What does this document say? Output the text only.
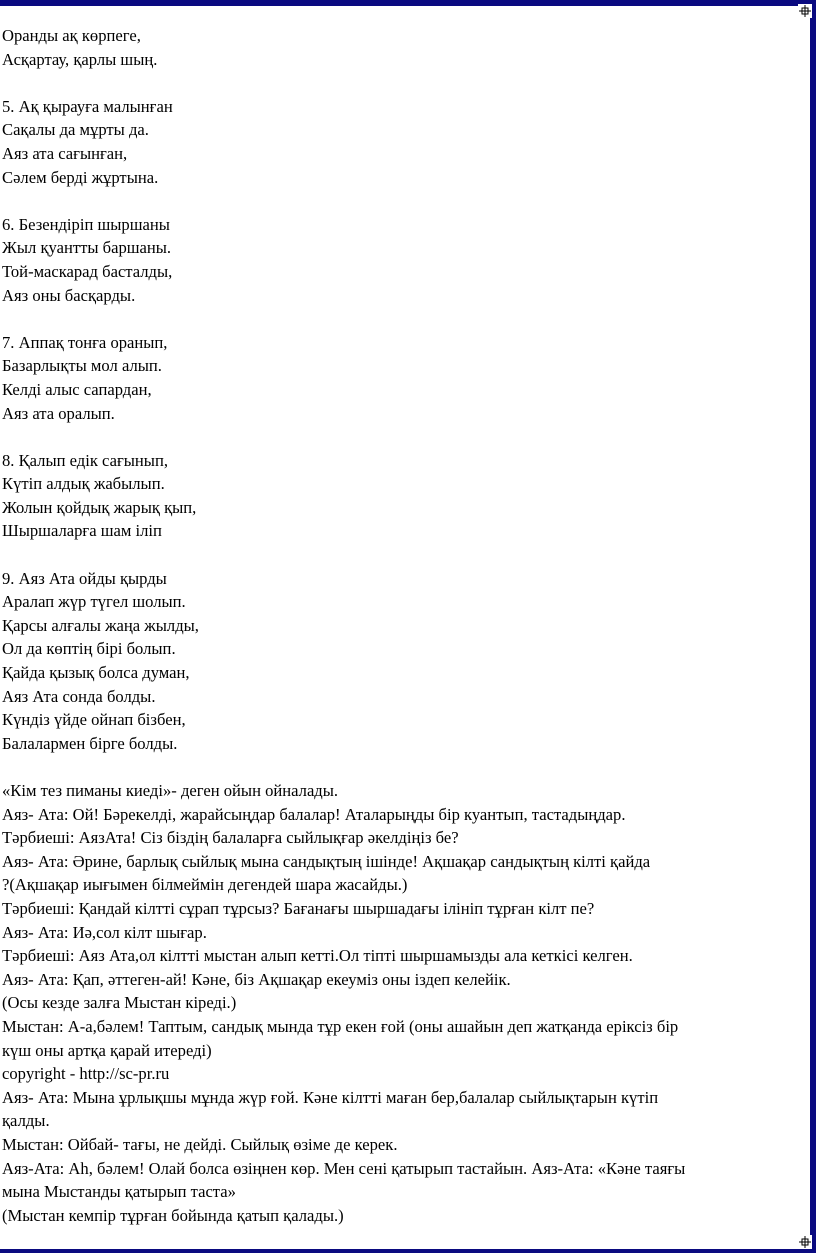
Оранды ақ көрпеге,
Асқартау, қарлы шың.
5. Ақ қырауға малынған
Сақалы да мұрты да.
Аяз ата сағынған,
Сәлем берді жұртына.
6. Безендіріп шыршаны
Жыл қуантты баршаны.
Той-маскарад басталды,
Аяз оны басқарды.
7. Аппақ тонға оранып,
Базарлықты мол алып.
Келді алыс сапардан,
Аяз ата оралып.
8. Қалып едік сағынып,
Күтіп алдық жабылып.
Жолын қойдық жарық қып,
Шыршаларға шам іліп
9. Аяз Ата ойды қырды
Аралап жүр түгел шолып.
Қарсы алғалы жаңа жылды,
Ол да көптің бірі болып.
Қайда қызық болса думан,
Аяз Ата сонда болды.
Күндіз үйде ойнап бізбен,
Балалармен бірге болды.
«Кім тез пиманы киеді»- деген ойын ойналады.
Аяз- Ата: Ой! Бәрекелді, жарайсыңдар балалар! Аталарыңды бір куантып, тастадыңдар.
Тәрбиеші: АязАта! Сіз біздің балаларға сыйлықғар әкелдіңіз бе?
Аяз- Ата: Әрине, барлық сыйлық мына сандықтың ішінде! Ақшақар сандықтың кілті қайда
?(Ақшақар иығымен білмеймін дегендей шара жасайды.)
Тәрбиеші: Қандай кілтті сұрап тұрсыз? Бағанағы шыршадағы ілініп тұрған кілт пе?
Аяз- Ата: Иә,сол кілт шығар.
Тәрбиеші: Аяз Ата,ол кілтті мыстан алып кетті.Ол тіпті шыршамызды ала кеткісі келген.
Аяз- Ата: Қап, әттеген-ай! Кәне, біз Ақшақар екеуміз оны іздеп келейік.
(Осы кезде залға Мыстан кіреді.)
Мыстан: А-а,бәлем! Таптым, сандық мында тұр екен ғой (оны ашайын деп жатқанда еріксіз бір
күш оны артқа қарай итереді)
copyright - http://sc-pr.ru
Аяз- Ата: Мына ұрлықшы мұнда жүр ғой. Кәне кілтті маған бер,балалар сыйлықтарын күтіп
қалды.
Мыстан: Ойбай- тағы, не дейді. Сыйлық өзіме де керек.
Аяз-Ата: Аһ, бәлем! Олай болса өзіңнен көр. Мен сені қатырып тастайын. Аяз-Ата: «Кәне таяғы
мына Мыстанды қатырып таста»
(Мыстан кемпір тұрған бойында қатып қалады.)
